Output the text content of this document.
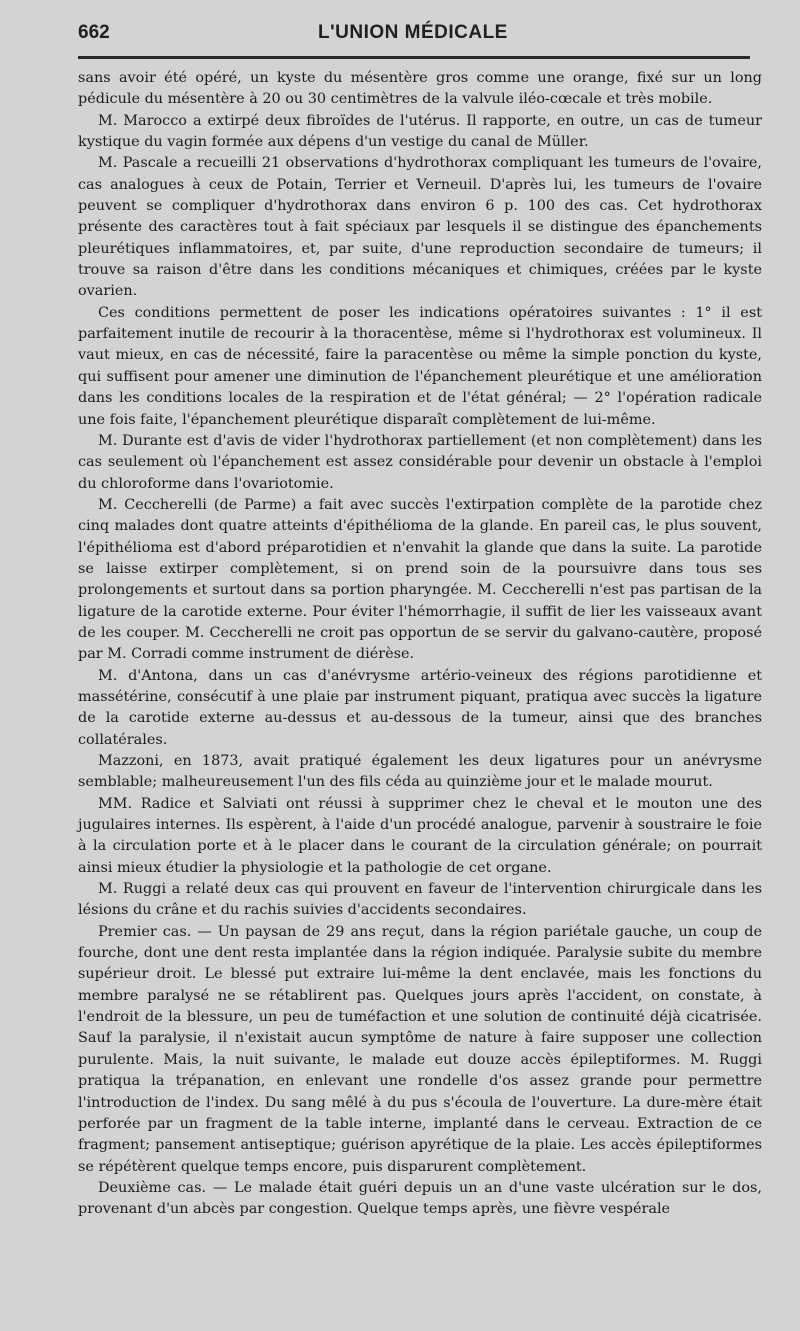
662	L'UNION MÉDICALE

sans avoir été opéré, un kyste du mésentère gros comme une orange, fixé sur un long pédicule du mésentère à 20 ou 30 centimètres de la valvule iléo-cœcale et très mobile.

M. Marocco a extirpé deux fibroïdes de l'utérus. Il rapporte, en outre, un cas de tumeur kystique du vagin formée aux dépens d'un vestige du canal de Müller.

M. Pascale a recueilli 21 observations d'hydrothorax compliquant les tumeurs de l'ovaire, cas analogues à ceux de Potain, Terrier et Verneuil. D'après lui, les tumeurs de l'ovaire peuvent se compliquer d'hydrothorax dans environ 6 p. 100 des cas. Cet hydrothorax présente des caractères tout à fait spéciaux par lesquels il se distingue des épanchements pleurétiques inflammatoires, et, par suite, d'une reproduction secondaire de tumeurs; il trouve sa raison d'être dans les conditions mécaniques et chimiques, créées par le kyste ovarien.

Ces conditions permettent de poser les indications opératoires suivantes : 1° il est parfaitement inutile de recourir à la thoracentèse, même si l'hydrothorax est volumineux. Il vaut mieux, en cas de nécessité, faire la paracentèse ou même la simple ponction du kyste, qui suffisent pour amener une diminution de l'épanchement pleurétique et une amélioration dans les conditions locales de la respiration et de l'état général; — 2° l'opération radicale une fois faite, l'épanchement pleurétique disparaît complètement de lui-même.

M. Durante est d'avis de vider l'hydrothorax partiellement (et non complètement) dans les cas seulement où l'épanchement est assez considérable pour devenir un obstacle à l'emploi du chloroforme dans l'ovariotomie.

M. Ceccherelli (de Parme) a fait avec succès l'extirpation complète de la parotide chez cinq malades dont quatre atteints d'épithélioma de la glande. En pareil cas, le plus souvent, l'épithélioma est d'abord préparotidien et n'envahit la glande que dans la suite. La parotide se laisse extirper complètement, si on prend soin de la poursuivre dans tous ses prolongements et surtout dans sa portion pharyngée. M. Ceccherelli n'est pas partisan de la ligature de la carotide externe. Pour éviter l'hémorrhagie, il suffit de lier les vaisseaux avant de les couper. M. Ceccherelli ne croit pas opportun de se servir du galvano-cautère, proposé par M. Corradi comme instrument de diérèse.

M. d'Antona, dans un cas d'anévrysme artério-veineux des régions parotidienne et massétérine, consécutif à une plaie par instrument piquant, pratiqua avec succès la ligature de la carotide externe au-dessus et au-dessous de la tumeur, ainsi que des branches collatérales.

Mazzoni, en 1873, avait pratiqué également les deux ligatures pour un anévrysme semblable; malheureusement l'un des fils céda au quinzième jour et le malade mourut.

MM. Radice et Salviati ont réussi à supprimer chez le cheval et le mouton une des jugulaires internes. Ils espèrent, à l'aide d'un procédé analogue, parvenir à soustraire le foie à la circulation porte et à le placer dans le courant de la circulation générale; on pourrait ainsi mieux étudier la physiologie et la pathologie de cet organe.

M. Ruggi a relaté deux cas qui prouvent en faveur de l'intervention chirurgicale dans les lésions du crâne et du rachis suivies d'accidents secondaires.

Premier cas. — Un paysan de 29 ans reçut, dans la région pariétale gauche, un coup de fourche, dont une dent resta implantée dans la région indiquée. Paralysie subite du membre supérieur droit. Le blessé put extraire lui-même la dent enclavée, mais les fonctions du membre paralysé ne se rétablirent pas. Quelques jours après l'accident, on constate, à l'endroit de la blessure, un peu de tuméfaction et une solution de continuité déjà cicatrisée. Sauf la paralysie, il n'existait aucun symptôme de nature à faire supposer une collection purulente. Mais, la nuit suivante, le malade eut douze accès épileptiformes. M. Ruggi pratiqua la trépanation, en enlevant une rondelle d'os assez grande pour permettre l'introduction de l'index. Du sang mêlé à du pus s'écoula de l'ouverture. La dure-mère était perforée par un fragment de la table interne, implanté dans le cerveau. Extraction de ce fragment; pansement antiseptique; guérison apyrétique de la plaie. Les accès épileptiformes se répétèrent quelque temps encore, puis disparurent complètement.

Deuxième cas. — Le malade était guéri depuis un an d'une vaste ulcération sur le dos, provenant d'un abcès par congestion. Quelque temps après, une fièvre vespérale
